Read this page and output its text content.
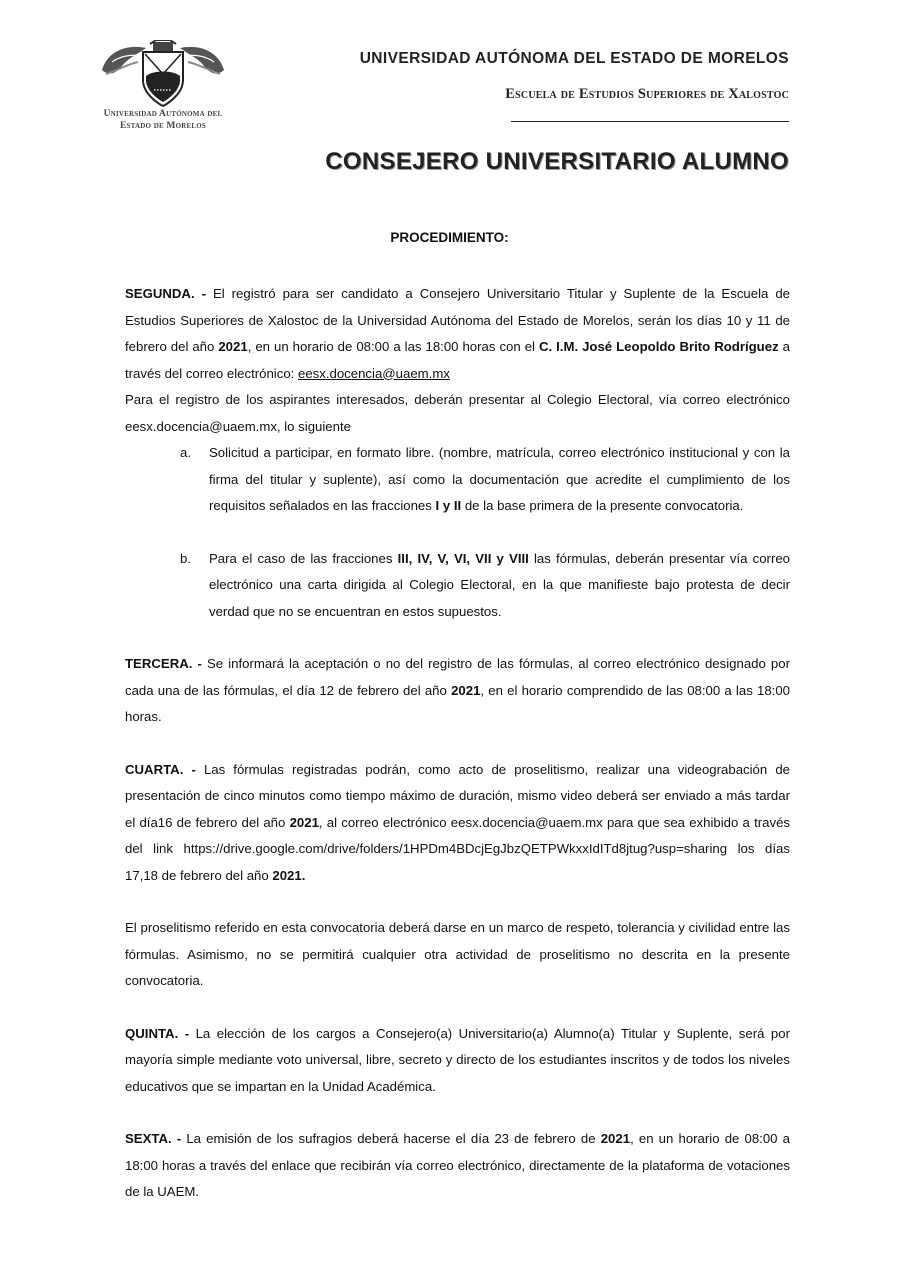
Universidad Autónoma del
Estado de Morelos
UNIVERSIDAD AUTÓNOMA DEL ESTADO DE MORELOS
Escuela de Estudios Superiores de Xalostoc
CONSEJERO UNIVERSITARIO ALUMNO
PROCEDIMIENTO:

SEGUNDA. - El registró para ser candidato a Consejero Universitario Titular y Suplente de la Escuela de Estudios Superiores de Xalostoc de la Universidad Autónoma del Estado de Morelos, serán los días 10 y 11 de febrero del año 2021, en un horario de 08:00 a las 18:00 horas con el C. I.M. José Leopoldo Brito Rodríguez a través del correo electrónico: eesx.docencia@uaem.mx

Para el registro de los aspirantes interesados, deberán presentar al Colegio Electoral, vía correo electrónico eesx.docencia@uaem.mx, lo siguiente

a. Solicitud a participar, en formato libre. (nombre, matrícula, correo electrónico institucional y con la firma del titular y suplente), así como la documentación que acredite el cumplimiento de los requisitos señalados en las fracciones I y II de la base primera de la presente convocatoria.
b. Para el caso de las fracciones III, IV, V, VI, VII y VIII las fórmulas, deberán presentar vía correo electrónico una carta dirigida al Colegio Electoral, en la que manifieste bajo protesta de decir verdad que no se encuentran en estos supuestos.

TERCERA. - Se informará la aceptación o no del registro de las fórmulas, al correo electrónico designado por cada una de las fórmulas, el día 12 de febrero del año 2021, en el horario comprendido de las 08:00 a las 18:00 horas.

CUARTA. - Las fórmulas registradas podrán, como acto de proselitismo, realizar una videograbación de presentación de cinco minutos como tiempo máximo de duración, mismo video deberá ser enviado a más tardar el día16 de febrero del año 2021, al correo electrónico eesx.docencia@uaem.mx para que sea exhibido a través del link https://drive.google.com/drive/folders/1HPDm4BDcjEgJbzQETPWkxxIdITd8jtug?usp=sharing los días 17,18 de febrero del año 2021.

El proselitismo referido en esta convocatoria deberá darse en un marco de respeto, tolerancia y civilidad entre las fórmulas. Asimismo, no se permitirá cualquier otra actividad de proselitismo no descrita en la presente convocatoria.

QUINTA. - La elección de los cargos a Consejero(a) Universitario(a) Alumno(a) Titular y Suplente, será por mayoría simple mediante voto universal, libre, secreto y directo de los estudiantes inscritos y de todos los niveles educativos que se impartan en la Unidad Académica.

SEXTA. - La emisión de los sufragios deberá hacerse el día 23 de febrero de 2021, en un horario de 08:00 a 18:00 horas a través del enlace que recibirán vía correo electrónico, directamente de la plataforma de votaciones de la UAEM.
